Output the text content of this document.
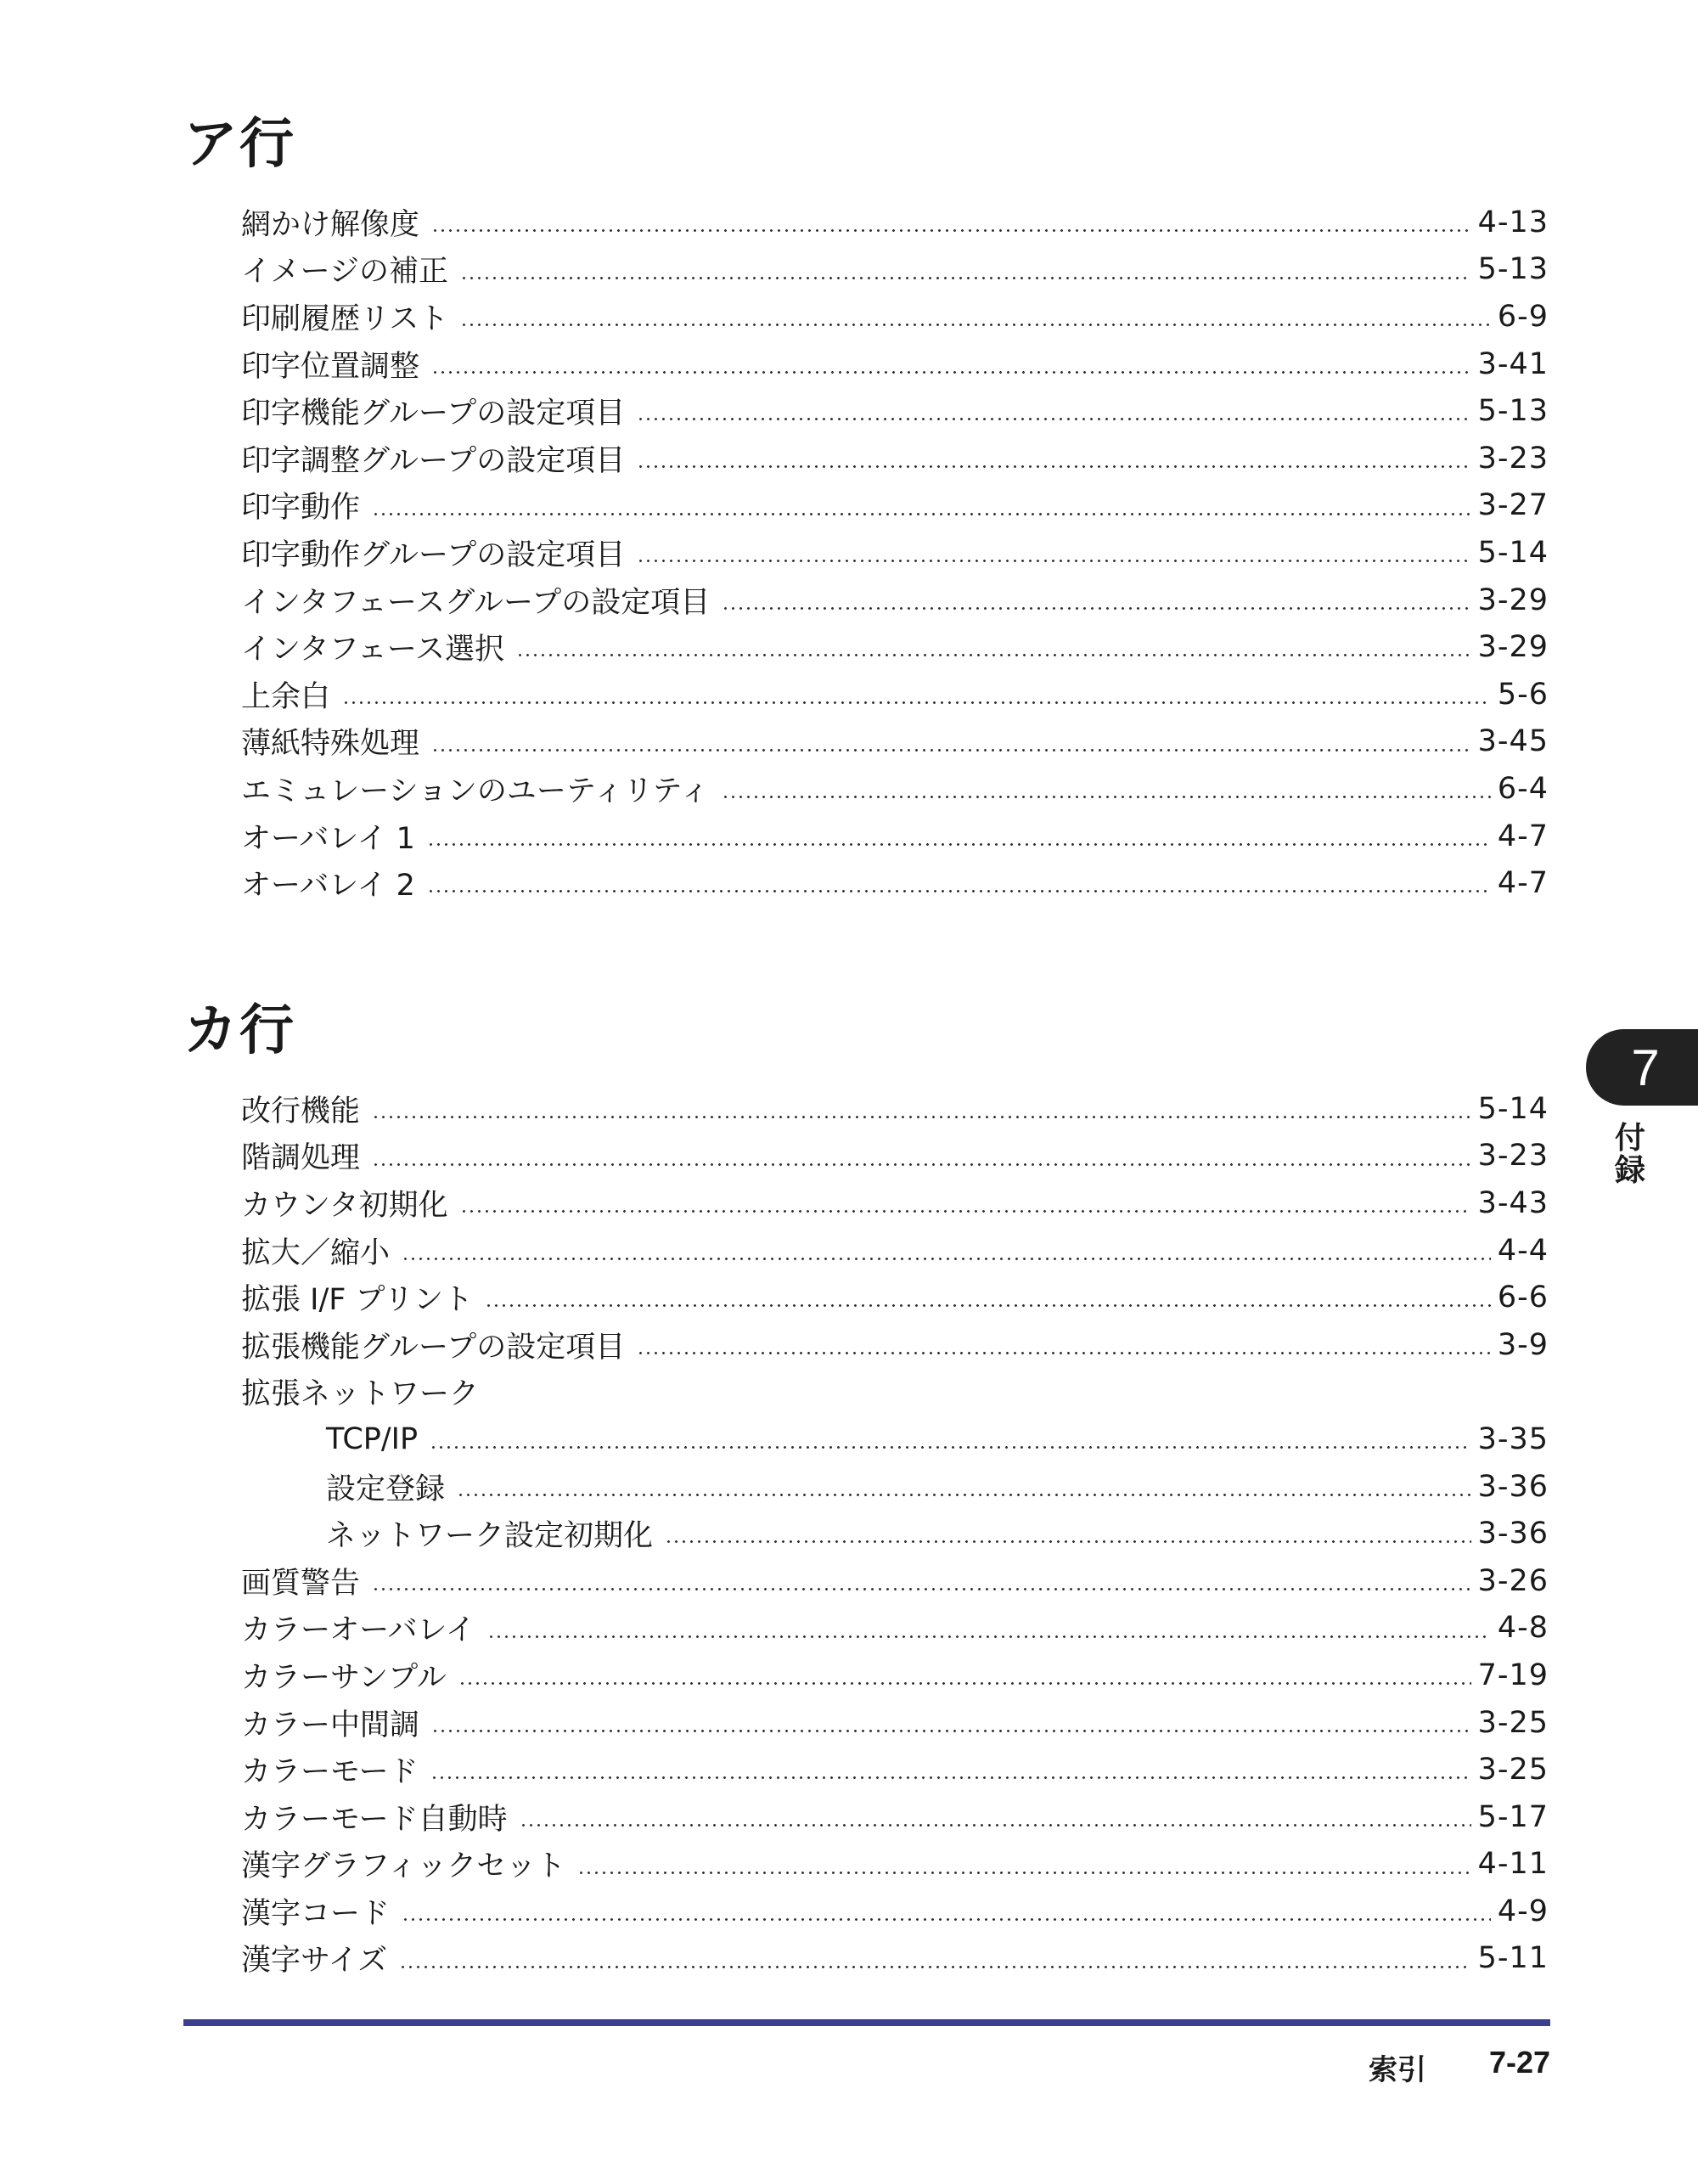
ア行
網かけ解像度	4-13
イメージの補正	5-13
印刷履歴リスト	6-9
印字位置調整	3-41
印字機能グループの設定項目	5-13
印字調整グループの設定項目	3-23
印字動作	3-27
印字動作グループの設定項目	5-14
インタフェースグループの設定項目	3-29
インタフェース選択	3-29
上余白	5-6
薄紙特殊処理	3-45
エミュレーションのユーティリティ	6-4
オーバレイ 1	4-7
オーバレイ 2	4-7
カ行
改行機能	5-14
階調処理	3-23
カウンタ初期化	3-43
拡大／縮小	4-4
拡張 I/F プリント	6-6
拡張機能グループの設定項目	3-9
拡張ネットワーク
TCP/IP	3-35
設定登録	3-36
ネットワーク設定初期化	3-36
画質警告	3-26
カラーオーバレイ	4-8
カラーサンプル	7-19
カラー中間調	3-25
カラーモード	3-25
カラーモード自動時	5-17
漢字グラフィックセット	4-11
漢字コード	4-9
漢字サイズ	5-11
7
付録
索引 7-27
